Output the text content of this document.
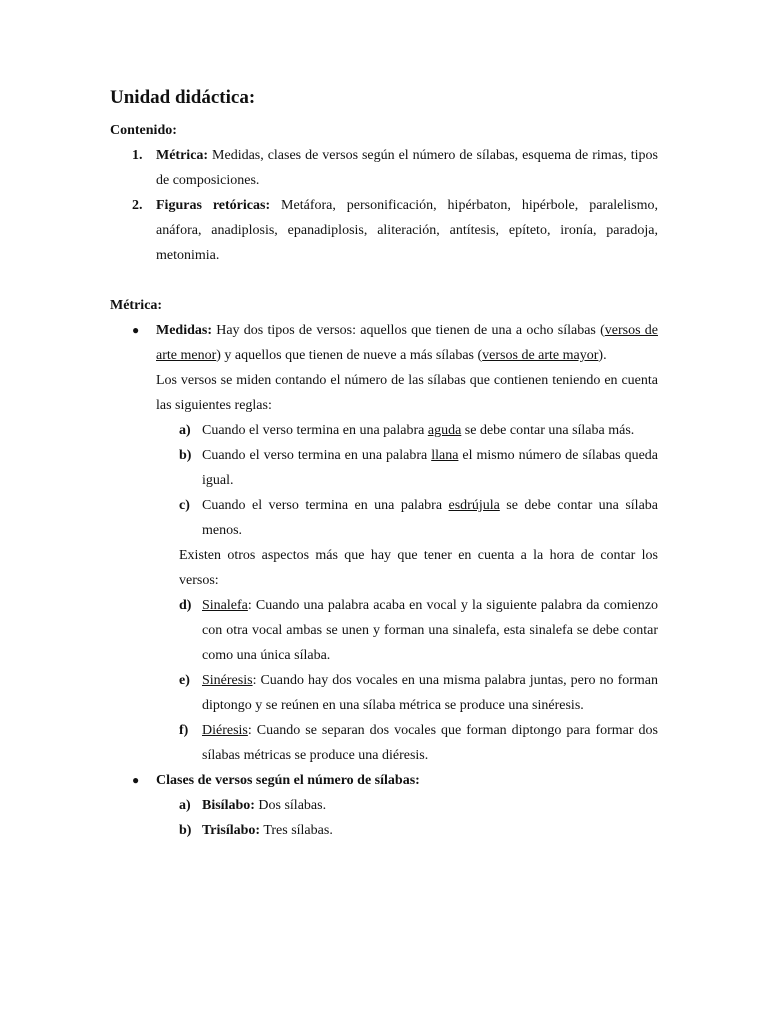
Unidad didáctica:
Contenido:
1. Métrica: Medidas, clases de versos según el número de sílabas, esquema de rimas, tipos de composiciones.
2. Figuras retóricas: Metáfora, personificación, hipérbaton, hipérbole, paralelismo, anáfora, anadiplosis, epanadiplosis, aliteración, antítesis, epíteto, ironía, paradoja, metonimia.
Métrica:
● Medidas: Hay dos tipos de versos: aquellos que tienen de una a ocho sílabas (versos de arte menor) y aquellos que tienen de nueve a más sílabas (versos de arte mayor).
Los versos se miden contando el número de las sílabas que contienen teniendo en cuenta las siguientes reglas:
a) Cuando el verso termina en una palabra aguda se debe contar una sílaba más.
b) Cuando el verso termina en una palabra llana el mismo número de sílabas queda igual.
c) Cuando el verso termina en una palabra esdrújula se debe contar una sílaba menos.
Existen otros aspectos más que hay que tener en cuenta a la hora de contar los versos:
d) Sinalefa: Cuando una palabra acaba en vocal y la siguiente palabra da comienzo con otra vocal ambas se unen y forman una sinalefa, esta sinalefa se debe contar como una única sílaba.
e) Sinéresis: Cuando hay dos vocales en una misma palabra juntas, pero no forman diptongo y se reúnen en una sílaba métrica se produce una sinéresis.
f) Diéresis: Cuando se separan dos vocales que forman diptongo para formar dos sílabas métricas se produce una diéresis.
● Clases de versos según el número de sílabas:
a) Bisílabo: Dos sílabas.
b) Trisílabo: Tres sílabas.
